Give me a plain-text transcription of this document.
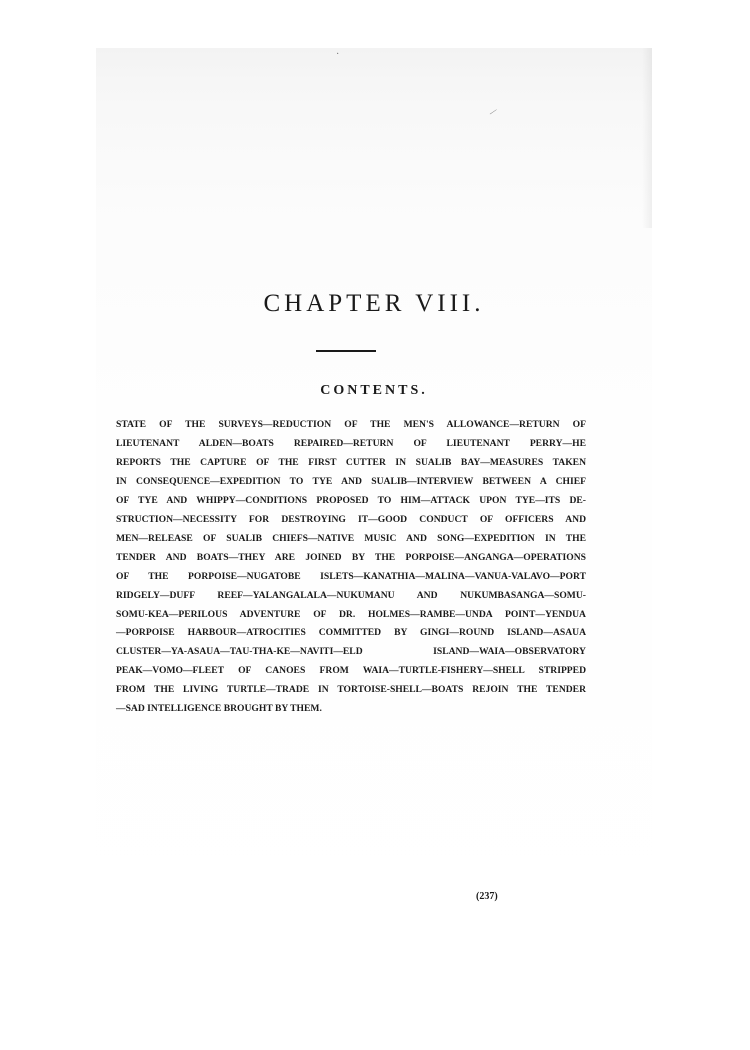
·
⁄
CHAPTER VIII.
CONTENTS.
STATE OF THE SURVEYS—REDUCTION OF THE MEN'S ALLOWANCE—RETURN OF
LIEUTENANT ALDEN—BOATS REPAIRED—RETURN OF LIEUTENANT PERRY—HE
REPORTS THE CAPTURE OF THE FIRST CUTTER IN SUALIB BAY—MEASURES TAKEN
IN CONSEQUENCE—EXPEDITION TO TYE AND SUALIB—INTERVIEW BETWEEN A CHIEF
OF TYE AND WHIPPY—CONDITIONS PROPOSED TO HIM—ATTACK UPON TYE—ITS DE-
STRUCTION—NECESSITY FOR DESTROYING IT—GOOD CONDUCT OF OFFICERS AND
MEN—RELEASE OF SUALIB CHIEFS—NATIVE MUSIC AND SONG—EXPEDITION IN THE
TENDER AND BOATS—THEY ARE JOINED BY THE PORPOISE—ANGANGA—OPERATIONS
OF THE PORPOISE—NUGATOBE ISLETS—KANATHIA—MALINA—VANUA-VALAVO—PORT
RIDGELY—DUFF REEF—YALANGALALA—NUKUMANU AND NUKUMBASANGA—SOMU-
SOMU-KEA—PERILOUS ADVENTURE OF DR. HOLMES—RAMBE—UNDA POINT—YENDUA
—PORPOISE HARBOUR—ATROCITIES COMMITTED BY GINGI—ROUND ISLAND—ASAUA
CLUSTER—YA-ASAUA—TAU-THA-KE—NAVITI—ELD ISLAND—WAIA—OBSERVATORY
PEAK—VOMO—FLEET OF CANOES FROM WAIA—TURTLE-FISHERY—SHELL STRIPPED
FROM THE LIVING TURTLE—TRADE IN TORTOISE-SHELL—BOATS REJOIN THE TENDER
—SAD INTELLIGENCE BROUGHT BY THEM.
(237)
